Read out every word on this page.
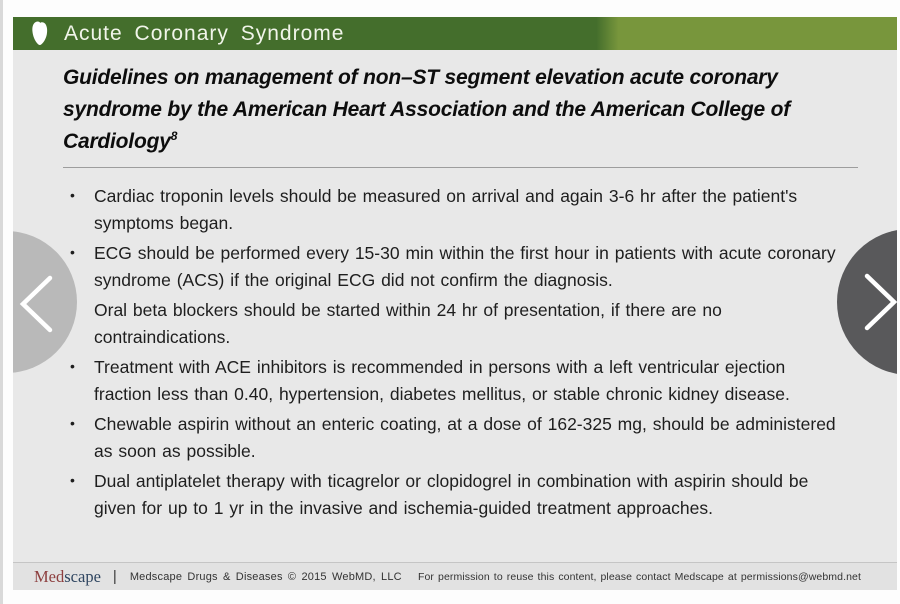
Acute Coronary Syndrome
Guidelines on management of non–ST segment elevation acute coronary
syndrome by the American Heart Association and the American College of
Cardiology$^8$
• Cardiac troponin levels should be measured on arrival and again 3-6 hr after the patient's symptoms began.
• ECG should be performed every 15-30 min within the first hour in patients with acute coronary syndrome (ACS) if the original ECG did not confirm the diagnosis.
Oral beta blockers should be started within 24 hr of presentation, if there are no contraindications.
• Treatment with ACE inhibitors is recommended in persons with a left ventricular ejection fraction less than 0.40, hypertension, diabetes mellitus, or stable chronic kidney disease.
• Chewable aspirin without an enteric coating, at a dose of 162-325 mg, should be administered as soon as possible.
• Dual antiplatelet therapy with ticagrelor or clopidogrel in combination with aspirin should be given for up to 1 yr in the invasive and ischemia-guided treatment approaches.
Medscape | Medscape Drugs & Diseases © 2015 WebMD, LLC For permission to reuse this content, please contact Medscape at permissions@webmd.net
